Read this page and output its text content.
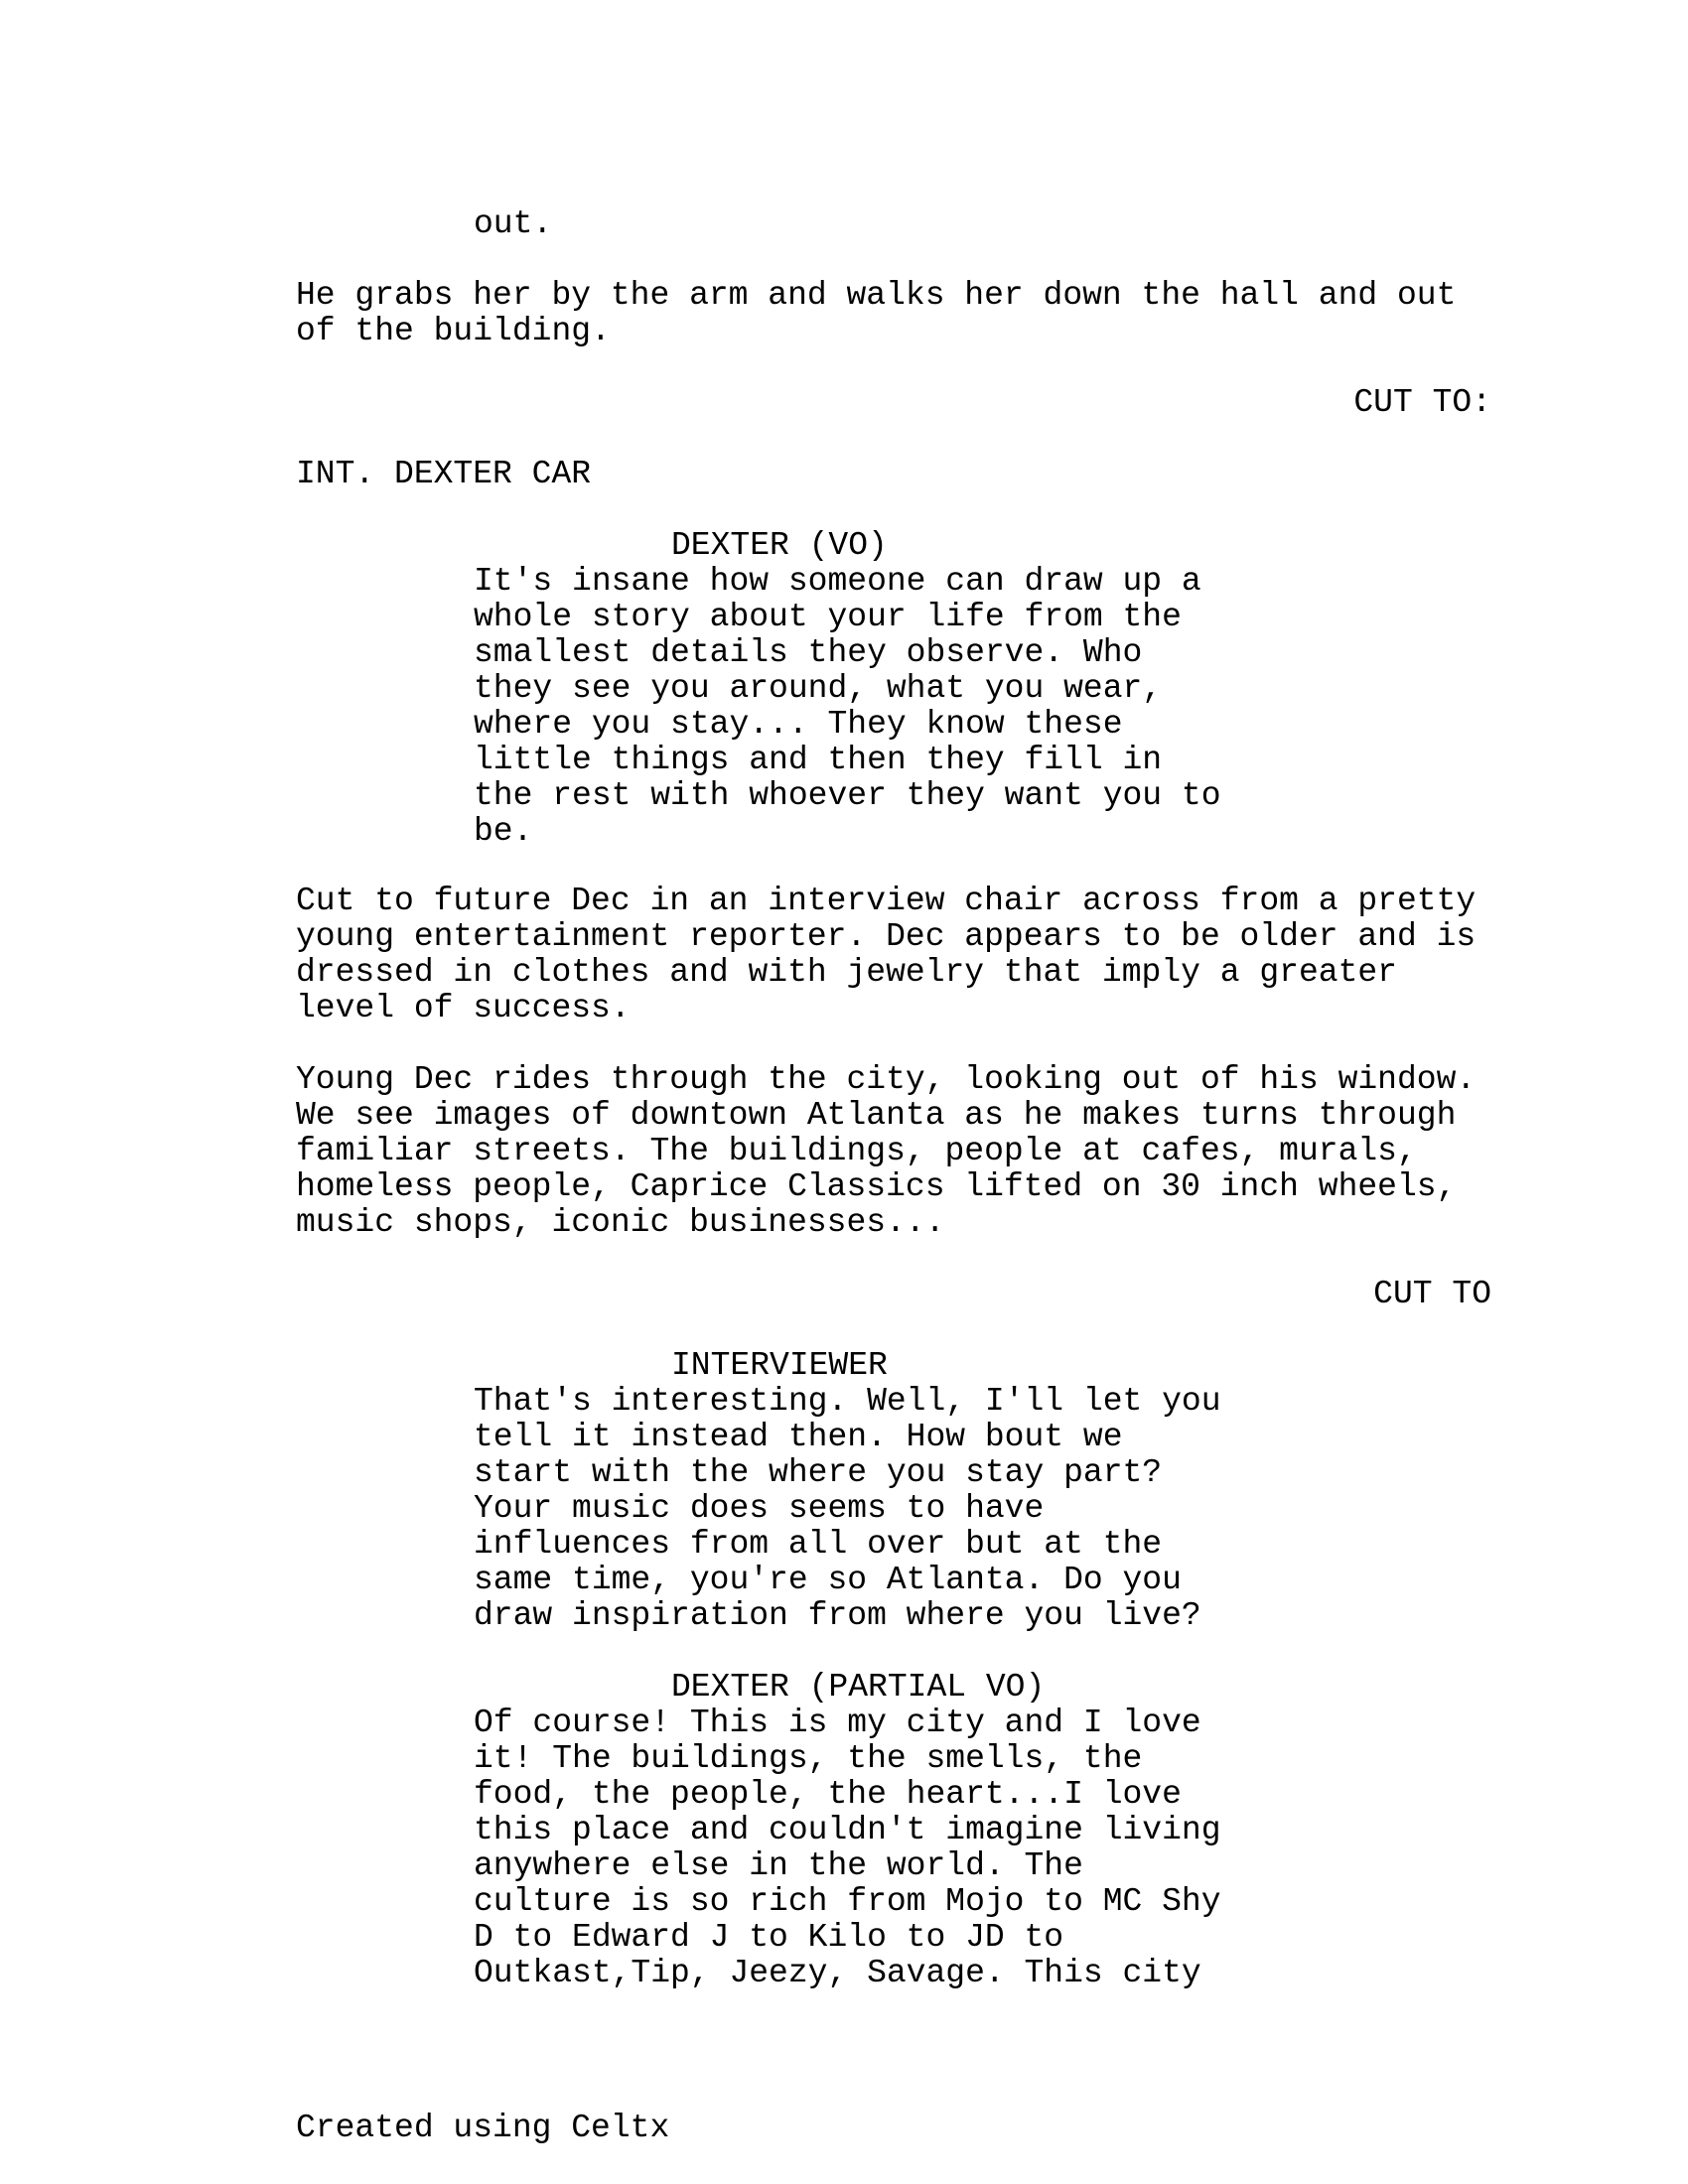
out.
He grabs her by the arm and walks her down the hall and out
of the building.
CUT TO:
INT. DEXTER CAR
DEXTER (VO)
It's insane how someone can draw up a
whole story about your life from the
smallest details they observe. Who
they see you around, what you wear,
where you stay... They know these
little things and then they fill in
the rest with whoever they want you to
be.
Cut to future Dec in an interview chair across from a pretty
young entertainment reporter. Dec appears to be older and is
dressed in clothes and with jewelry that imply a greater
level of success.
Young Dec rides through the city, looking out of his window.
We see images of downtown Atlanta as he makes turns through
familiar streets. The buildings, people at cafes, murals,
homeless people, Caprice Classics lifted on 30 inch wheels,
music shops, iconic businesses...
CUT TO
INTERVIEWER
That's interesting. Well, I'll let you
tell it instead then. How bout we
start with the where you stay part?
Your music does seems to have
influences from all over but at the
same time, you're so Atlanta. Do you
draw inspiration from where you live?
DEXTER (PARTIAL VO)
Of course! This is my city and I love
it! The buildings, the smells, the
food, the people, the heart...I love
this place and couldn't imagine living
anywhere else in the world. The
culture is so rich from Mojo to MC Shy
D to Edward J to Kilo to JD to
Outkast,Tip, Jeezy, Savage. This city
Created using Celtx
